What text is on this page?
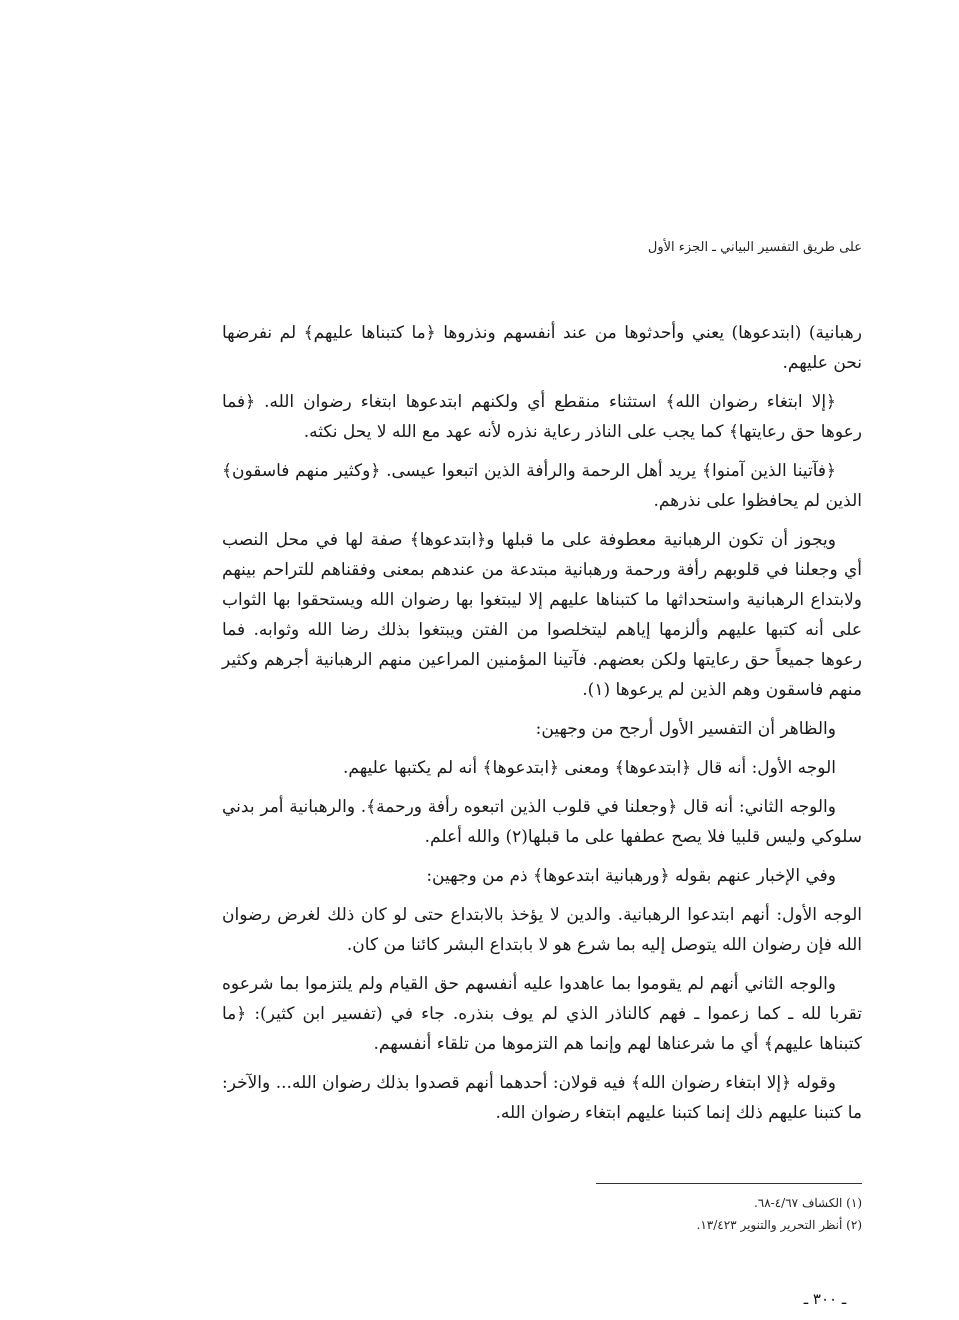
على طريق التفسير البياني ـ الجزء الأول

رهبانية) (ابتدعوها) يعني وأحدثوها من عند أنفسهم ونذروها ﴿ما كتبناها عليهم﴾ لم نفرضها نحن عليهم.

﴿إلا ابتغاء رضوان الله﴾ استثناء منقطع أي ولكنهم ابتدعوها ابتغاء رضوان الله. ﴿فما رعوها حق رعايتها﴾ كما يجب على الناذر رعاية نذره لأنه عهد مع الله لا يحل نكثه.

﴿فآتينا الذين آمنوا﴾ يريد أهل الرحمة والرأفة الذين اتبعوا عيسى. ﴿وكثير منهم فاسقون﴾ الذين لم يحافظوا على نذرهم.

ويجوز أن تكون الرهبانية معطوفة على ما قبلها و﴿ابتدعوها﴾ صفة لها في محل النصب أي وجعلنا في قلوبهم رأفة ورحمة ورهبانية مبتدعة من عندهم بمعنى وفقناهم للتراحم بينهم ولابتداع الرهبانية واستحداثها ما كتبناها عليهم إلا ليبتغوا بها رضوان الله ويستحقوا بها الثواب على أنه كتبها عليهم وألزمها إياهم ليتخلصوا من الفتن ويبتغوا بذلك رضا الله وثوابه. فما رعوها جميعاً حق رعايتها ولكن بعضهم. فآتينا المؤمنين المراعين منهم الرهبانية أجرهم وكثير منهم فاسقون وهم الذين لم يرعوها (١).

والظاهر أن التفسير الأول أرجح من وجهين:

الوجه الأول: أنه قال ﴿ابتدعوها﴾ ومعنى ﴿ابتدعوها﴾ أنه لم يكتبها عليهم.

والوجه الثاني: أنه قال ﴿وجعلنا في قلوب الذين اتبعوه رأفة ورحمة﴾. والرهبانية أمر بدني سلوكي وليس قلبيا فلا يصح عطفها على ما قبلها(٢) والله أعلم.

وفي الإخبار عنهم بقوله ﴿ورهبانية ابتدعوها﴾ ذم من وجهين:

الوجه الأول: أنهم ابتدعوا الرهبانية. والدين لا يؤخذ بالابتداع حتى لو كان ذلك لغرض رضوان الله فإن رضوان الله يتوصل إليه بما شرع هو لا بابتداع البشر كائنا من كان.

والوجه الثاني أنهم لم يقوموا بما عاهدوا عليه أنفسهم حق القيام ولم يلتزموا بما شرعوه تقربا لله ـ كما زعموا ـ فهم كالناذر الذي لم يوف بنذره. جاء في (تفسير ابن كثير): ﴿ما كتبناها عليهم﴾ أي ما شرعناها لهم وإنما هم التزموها من تلقاء أنفسهم.

وقوله ﴿إلا ابتغاء رضوان الله﴾ فيه قولان: أحدهما أنهم قصدوا بذلك رضوان الله... والآخر: ما كتبنا عليهم ذلك إنما كتبنا عليهم ابتغاء رضوان الله.

(١) الكشاف ٤/٦٧-٦٨.
(٢) أنظر التحرير والتنوير ١٣/٤٢٣.
ـ ٣٠٠ ـ
